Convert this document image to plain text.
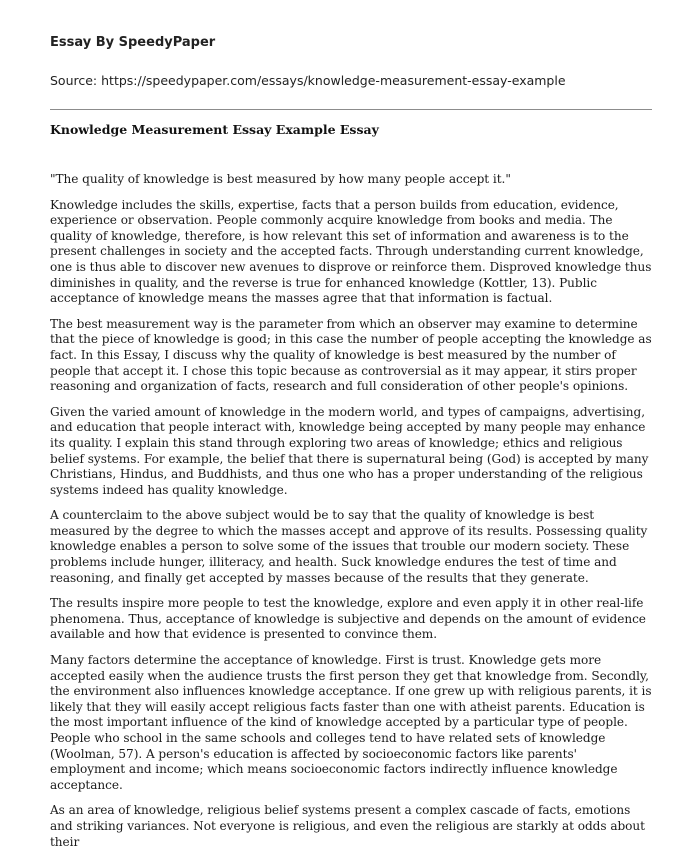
Essay By SpeedyPaper
Source: https://speedypaper.com/essays/knowledge-measurement-essay-example
Knowledge Measurement Essay Example Essay

"The quality of knowledge is best measured by how many people accept it."

Knowledge includes the skills, expertise, facts that a person builds from education, evidence, experience or observation. People commonly acquire knowledge from books and media. The quality of knowledge, therefore, is how relevant this set of information and awareness is to the present challenges in society and the accepted facts. Through understanding current knowledge, one is thus able to discover new avenues to disprove or reinforce them. Disproved knowledge thus diminishes in quality, and the reverse is true for enhanced knowledge (Kottler, 13). Public acceptance of knowledge means the masses agree that that information is factual.

The best measurement way is the parameter from which an observer may examine to determine that the piece of knowledge is good; in this case the number of people accepting the knowledge as fact. In this Essay, I discuss why the quality of knowledge is best measured by the number of people that accept it. I chose this topic because as controversial as it may appear, it stirs proper reasoning and organization of facts, research and full consideration of other people's opinions.

Given the varied amount of knowledge in the modern world, and types of campaigns, advertising, and education that people interact with, knowledge being accepted by many people may enhance its quality. I explain this stand through exploring two areas of knowledge; ethics and religious belief systems. For example, the belief that there is supernatural being (God) is accepted by many Christians, Hindus, and Buddhists, and thus one who has a proper understanding of the religious systems indeed has quality knowledge.

A counterclaim to the above subject would be to say that the quality of knowledge is best measured by the degree to which the masses accept and approve of its results. Possessing quality knowledge enables a person to solve some of the issues that trouble our modern society. These problems include hunger, illiteracy, and health. Suck knowledge endures the test of time and reasoning, and finally get accepted by masses because of the results that they generate.

The results inspire more people to test the knowledge, explore and even apply it in other real-life phenomena. Thus, acceptance of knowledge is subjective and depends on the amount of evidence available and how that evidence is presented to convince them.

Many factors determine the acceptance of knowledge. First is trust. Knowledge gets more accepted easily when the audience trusts the first person they get that knowledge from. Secondly, the environment also influences knowledge acceptance. If one grew up with religious parents, it is likely that they will easily accept religious facts faster than one with atheist parents. Education is the most important influence of the kind of knowledge accepted by a particular type of people. People who school in the same schools and colleges tend to have related sets of knowledge (Woolman, 57). A person's education is affected by socioeconomic factors like parents' employment and income; which means socioeconomic factors indirectly influence knowledge acceptance.

As an area of knowledge, religious belief systems present a complex cascade of facts, emotions and striking variances. Not everyone is religious, and even the religious are starkly at odds about their
